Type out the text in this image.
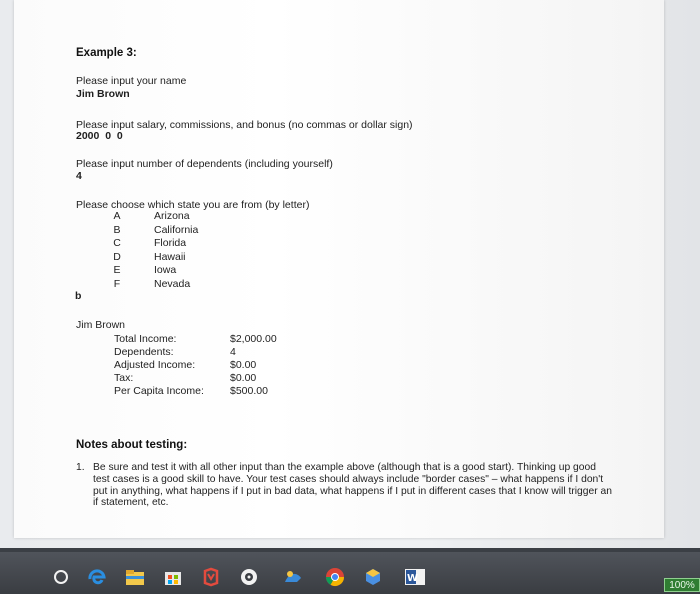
Example 3:
Please input your name
Jim Brown
Please input salary, commissions, and bonus (no commas or dollar sign)
2000  0  0
Please input number of dependents (including yourself)
4
Please choose which state you are from (by letter)
A	Arizona
B	California
C	Florida
D	Hawaii
E	Iowa
F	Nevada
b
Jim Brown
Total Income:	$2,000.00
Dependents:	4
Adjusted Income:	$0.00
Tax:	$0.00
Per Capita Income: $500.00
Notes about testing:
1. Be sure and test it with all other input than the example above (although that is a good start). Thinking up good test cases is a good skill to have. Your test cases should always include "border cases" – what happens if I don't put in anything, what happens if I put in bad data, what happens if I put in different cases that I know will trigger an if statement, etc.
W
100%
